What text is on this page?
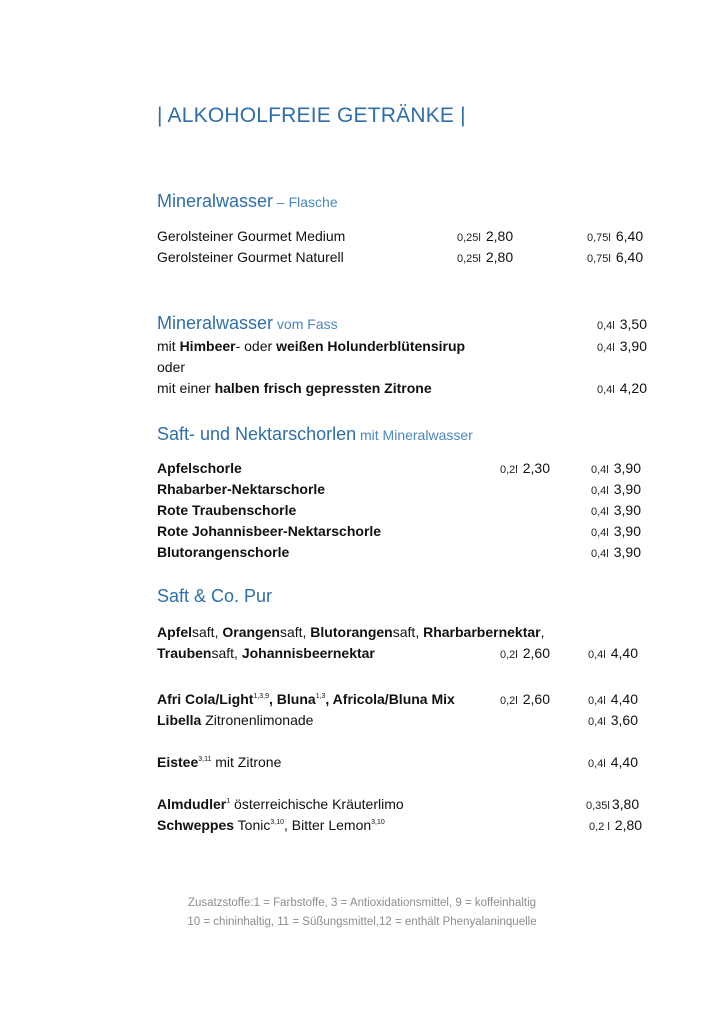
| ALKOHOLFREIE GETRÄNKE |
Mineralwasser – Flasche
Gerolsteiner Gourmet Medium	0,25l 2,80	0,75l 6,40
Gerolsteiner Gourmet Naturell	0,25l 2,80	0,75l 6,40
Mineralwasser vom Fass	0,4l 3,50
mit Himbeer- oder weißen Holunderblütensirup	0,4l 3,90
oder
mit einer halben frisch gepressten Zitrone	0,4l 4,20
Saft- und Nektarschorlen mit Mineralwasser
Apfelschorle	0,2l 2,30	0,4l 3,90
Rhabarber-Nektarschorle	0,4l 3,90
Rote Traubenschorle	0,4l 3,90
Rote Johannisbeer-Nektarschorle	0,4l 3,90
Blutorangenschorle	0,4l 3,90
Saft & Co. Pur
Apfelsaft, Orangensaft, Blutorangensaft, Rharbarbernektar,
Traubensaft, Johannisbeernektar	0,2l 2,60	0,4l 4,40
Afri Cola/Light$^{1,3,9}$, Bluna$^{1,3}$, Africola/Bluna Mix	0,2l 2,60	0,4l 4,40
Libella Zitronenlimonade	0,4l 3,60
Eistee$^{3,11}$ mit Zitrone	0,4l 4,40
Almdudler$^1$ österreichische Kräuterlimo	0,35l 3,80
Schweppes Tonic$^{3,10}$, Bitter Lemon$^{3,10}$	0,2 l 2,80
Zusatzstoffe:1 = Farbstoffe, 3 = Antioxidationsmittel, 9 = koffeinhaltig
10 = chininhaltig, 11 = Süßungsmittel,12 = enthält Phenyalaninquelle
